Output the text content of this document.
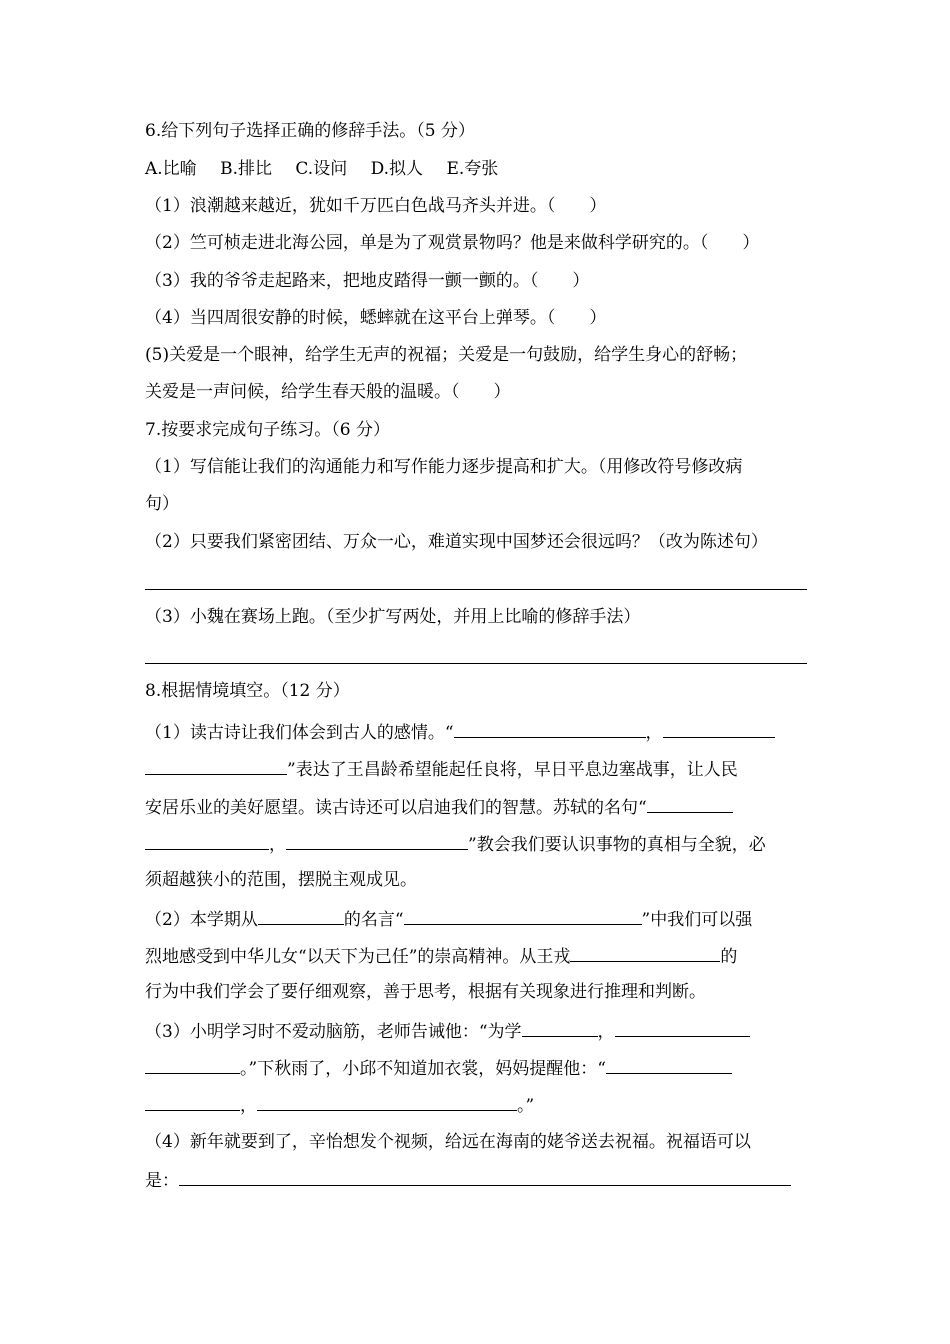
6.给下列句子选择正确的修辞手法。（5 分）
A.比喻 B.排比 C.设问 D.拟人 E.夸张
（1）浪潮越来越近，犹如千万匹白色战马齐头并进。（　　）
（2）竺可桢走进北海公园，单是为了观赏景物吗？他是来做科学研究的。（　　）
（3）我的爷爷走起路来，把地皮踏得一颤一颤的。（　　）
（4）当四周很安静的时候，蟋蟀就在这平台上弹琴。（　　）
(5)关爱是一个眼神，给学生无声的祝福；关爱是一句鼓励，给学生身心的舒畅；
关爱是一声问候，给学生春天般的温暖。（　　）
7.按要求完成句子练习。（6 分）
（1）写信能让我们的沟通能力和写作能力逐步提高和扩大。（用修改符号修改病
句）
（2）只要我们紧密团结、万众一心，难道实现中国梦还会很远吗？（改为陈述句）
（3）小魏在赛场上跑。（至少扩写两处，并用上比喻的修辞手法）
8.根据情境填空。（12 分）
（1）读古诗让我们体会到古人的感情。“	，
”表达了王昌龄希望能起任良将，早日平息边塞战事，让人民
安居乐业的美好愿望。读古诗还可以启迪我们的智慧。苏轼的名句“
，	”教会我们要认识事物的真相与全貌，必
须超越狭小的范围，摆脱主观成见。
（2）本学期从	的名言“	”中我们可以强
烈地感受到中华儿女“以天下为己任”的崇高精神。从王戎	的
行为中我们学会了要仔细观察，善于思考，根据有关现象进行推理和判断。
（3）小明学习时不爱动脑筋，老师告诫他：“为学	，
。”下秋雨了，小邱不知道加衣裳，妈妈提醒他：“
，	。”
（4）新年就要到了，辛怡想发个视频，给远在海南的姥爷送去祝福。祝福语可以
是：
